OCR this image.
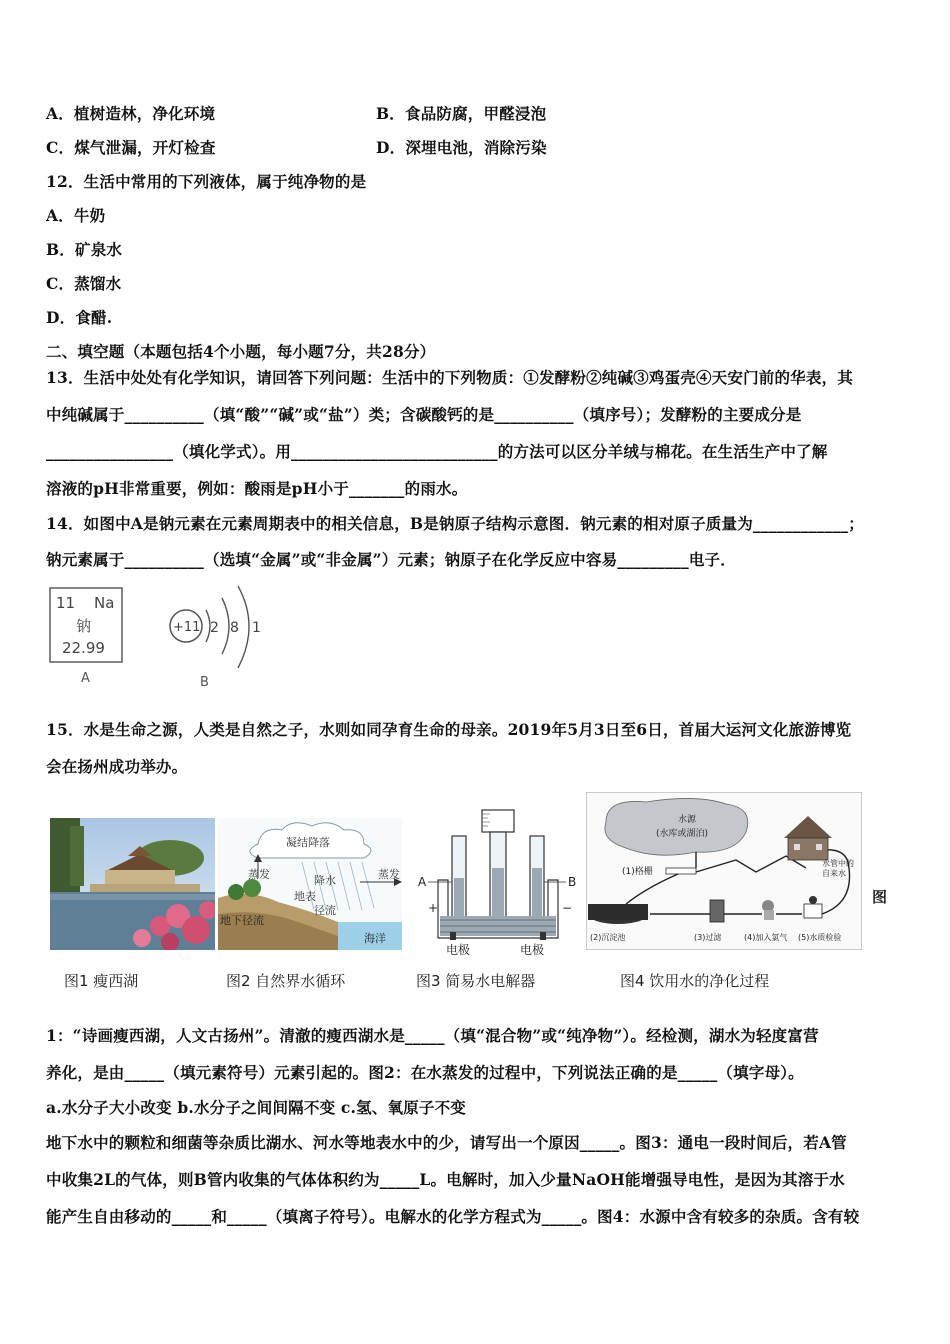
A．植树造林，净化环境	B．食品防腐，甲醛浸泡
C．煤气泄漏，开灯检查	D．深埋电池，消除污染
12．生活中常用的下列液体，属于纯净物的是
A．牛奶
B．矿泉水
C．蒸馏水
D．食醋.
二、填空题（本题包括4个小题，每小题7分，共28分）
13．生活中处处有化学知识，请回答下列问题：生活中的下列物质：①发酵粉②纯碱③鸡蛋壳④天安门前的华表，其
中纯碱属于__________（填“酸”“碱”或“盐”）类；含碳酸钙的是__________（填序号）；发酵粉的主要成分是
________________（填化学式）。用__________________________的方法可以区分羊绒与棉花。在生活生产中了解
溶液的pH非常重要，例如：酸雨是pH小于_______的雨水。
14．如图中A是钠元素在元素周期表中的相关信息，B是钠原子结构示意图．钠元素的相对原子质量为____________；
钠元素属于__________（选填“金属”或“非金属”）元素；钠原子在化学反应中容易_________电子．
11 Na
钠
22.99
A
+11 2 8 1
B
15．水是生命之源，人类是自然之子，水则如同孕育生命的母亲。2019年5月3日至6日，首届大运河文化旅游博览
会在扬州成功举办。
凝结降落
蒸发	降水
地表
径流
蒸发
地下径流
海洋
A	B
+	−
电极	电极
水源
(水库或湖泊)
(1)格栅
水管中的
自来水
(2)沉淀池	(3)过滤	(4)加入氯气 (5)水质检验
图
图1 瘦西湖	图2 自然界水循环	图3 简易水电解器	图4 饮用水的净化过程
1：“诗画瘦西湖，人文古扬州”。清澈的瘦西湖水是_____（填“混合物”或“纯净物”）。经检测，湖水为轻度富营
养化，是由_____（填元素符号）元素引起的。图2：在水蒸发的过程中，下列说法正确的是_____（填字母）。
a.水分子大小改变 b.水分子之间间隔不变 c.氢、氧原子不变
地下水中的颗粒和细菌等杂质比湖水、河水等地表水中的少，请写出一个原因_____。图3：通电一段时间后，若A管
中收集2L的气体，则B管内收集的气体体积约为_____L。电解时，加入少量NaOH能增强导电性，是因为其溶于水
能产生自由移动的_____和_____（填离子符号）。电解水的化学方程式为_____。图4：水源中含有较多的杂质。含有较
